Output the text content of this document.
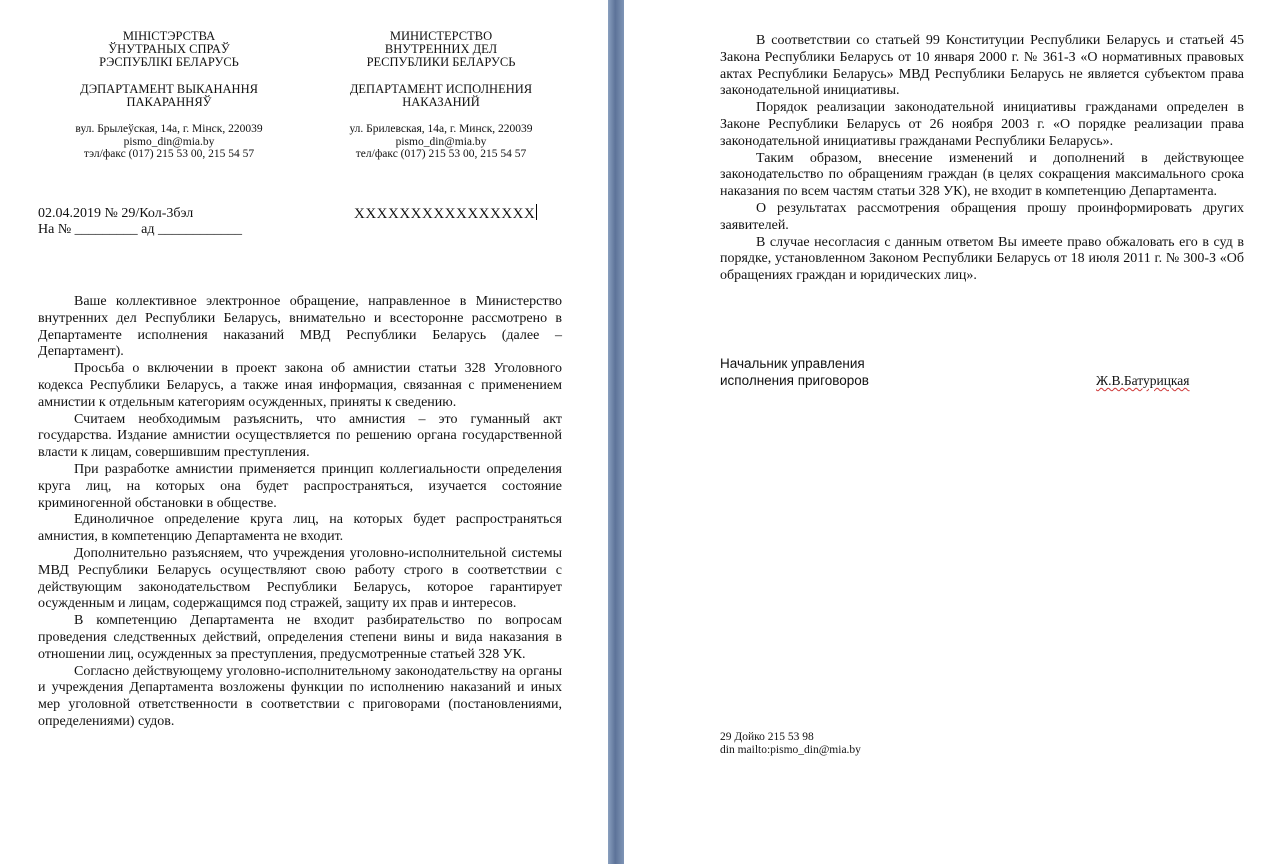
МІНІСТЭРСТВА
ЎНУТРАНЫХ СПРАЎ
РЭСПУБЛІКІ БЕЛАРУСЬ
ДЭПАРТАМЕНТ ВЫКАНАННЯ
ПАКАРАННЯЎ
вул. Брылеўская, 14а, г. Мінск, 220039
pismo_din@mia.by
тэл/факс (017) 215 53 00, 215 54 57
МИНИСТЕРСТВО
ВНУТРЕННИХ ДЕЛ
РЕСПУБЛИКИ БЕЛАРУСЬ
ДЕПАРТАМЕНТ ИСПОЛНЕНИЯ
НАКАЗАНИЙ
ул. Брилевская, 14а, г. Минск, 220039
pismo_din@mia.by
тел/факс (017) 215 53 00, 215 54 57
02.04.2019 № 29/Кол-3бэл
На № _________ ад ____________
XXXXXXXXXXXXXXXX

Ваше коллективное электронное обращение, направленное в Министерство внутренних дел Республики Беларусь, внимательно и всесторонне рассмотрено в Департаменте исполнения наказаний МВД Республики Беларусь (далее – Департамент).

Просьба о включении в проект закона об амнистии статьи 328 Уголовного кодекса Республики Беларусь, а также иная информация, связанная с применением амнистии к отдельным категориям осужденных, приняты к сведению.

Считаем необходимым разъяснить, что амнистия – это гуманный акт государства. Издание амнистии осуществляется по решению органа государственной власти к лицам, совершившим преступления.

При разработке амнистии применяется принцип коллегиальности определения круга лиц, на которых она будет распространяться, изучается состояние криминогенной обстановки в обществе.

Единоличное определение круга лиц, на которых будет распространяться амнистия, в компетенцию Департамента не входит.

Дополнительно разъясняем, что учреждения уголовно-исполнительной системы МВД Республики Беларусь осуществляют свою работу строго в соответствии с действующим законодательством Республики Беларусь, которое гарантирует осужденным и лицам, содержащимся под стражей, защиту их прав и интересов.

В компетенцию Департамента не входит разбирательство по вопросам проведения следственных действий, определения степени вины и вида наказания в отношении лиц, осужденных за преступления, предусмотренные статьей 328 УК.

Согласно действующему уголовно-исполнительному законодательству на органы и учреждения Департамента возложены функции по исполнению наказаний и иных мер уголовной ответственности в соответствии с приговорами (постановлениями, определениями) судов.

В соответствии со статьей 99 Конституции Республики Беларусь и статьей 45 Закона Республики Беларусь от 10 января 2000 г. № 361-З «О нормативных правовых актах Республики Беларусь» МВД Республики Беларусь не является субъектом права законодательной инициативы.

Порядок реализации законодательной инициативы гражданами определен в Законе Республики Беларусь от 26 ноября 2003 г. «О порядке реализации права законодательной инициативы гражданами Республики Беларусь».

Таким образом, внесение изменений и дополнений в действующее законодательство по обращениям граждан (в целях сокращения максимального срока наказания по всем частям статьи 328 УК), не входит в компетенцию Департамента.

О результатах рассмотрения обращения прошу проинформировать других заявителей.

В случае несогласия с данным ответом Вы имеете право обжаловать его в суд в порядке, установленном Законом Республики Беларусь от 18 июля 2011 г. № 300-З «Об обращениях граждан и юридических лиц».

Начальник управления
исполнения приговоров	Ж.В.Батурицкая
29 Дойко 215 53 98
din mailto:pismo_din@mia.by
